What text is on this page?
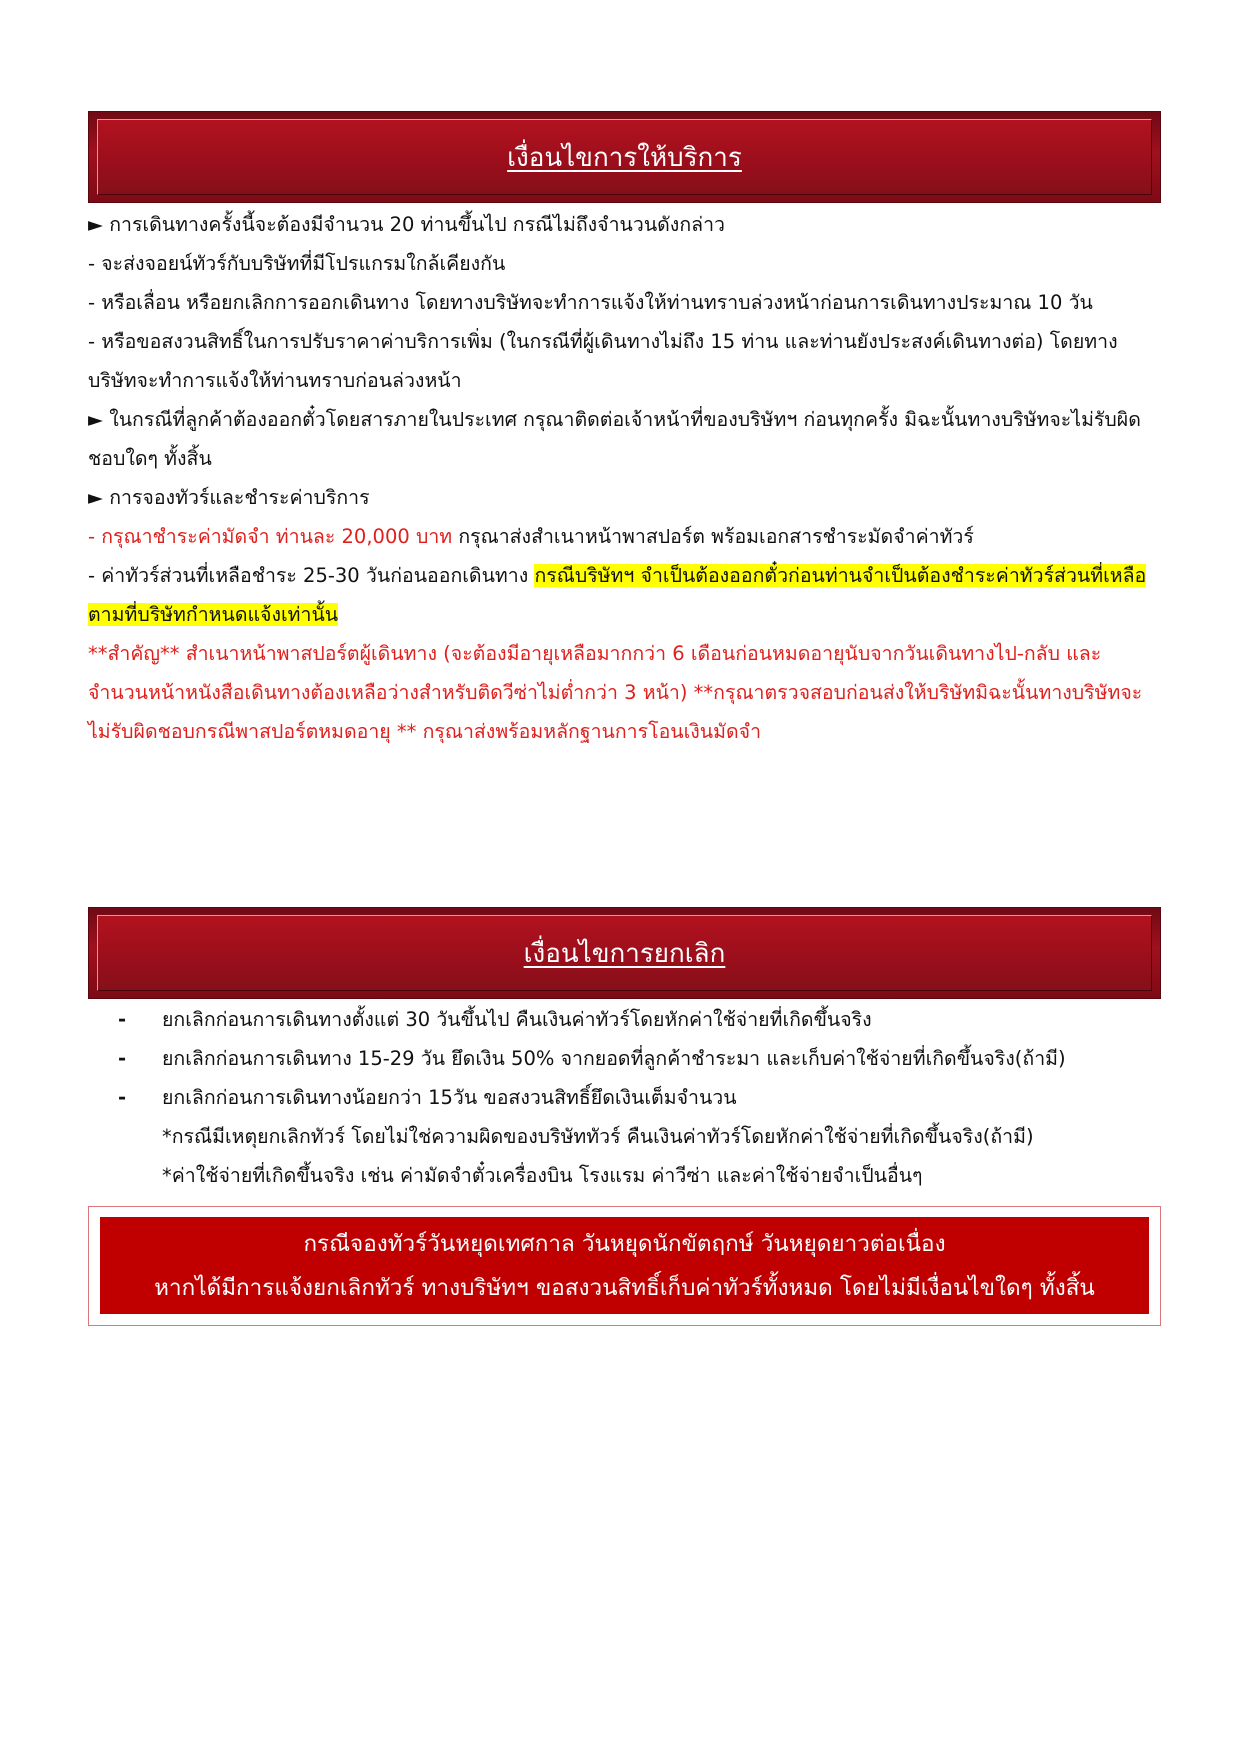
เงื่อนไขการให้บริการ

► การเดินทางครั้งนี้จะต้องมีจำนวน 20 ท่านขึ้นไป กรณีไม่ถึงจำนวนดังกล่าว

- จะส่งจอยน์ทัวร์กับบริษัทที่มีโปรแกรมใกล้เคียงกัน

- หรือเลื่อน หรือยกเลิกการออกเดินทาง โดยทางบริษัทจะทำการแจ้งให้ท่านทราบล่วงหน้าก่อนการเดินทางประมาณ 10 วัน

- หรือขอสงวนสิทธิ์ในการปรับราคาค่าบริการเพิ่ม (ในกรณีที่ผู้เดินทางไม่ถึง 15 ท่าน และท่านยังประสงค์เดินทางต่อ) โดยทางบริษัทจะทำการแจ้งให้ท่านทราบก่อนล่วงหน้า

► ในกรณีที่ลูกค้าต้องออกตั๋วโดยสารภายในประเทศ กรุณาติดต่อเจ้าหน้าที่ของบริษัทฯ ก่อนทุกครั้ง มิฉะนั้นทางบริษัทจะไม่รับผิดชอบใดๆ ทั้งสิ้น

► การจองทัวร์และชำระค่าบริการ

- กรุณาชำระค่ามัดจำ ท่านละ 20,000 บาท กรุณาส่งสำเนาหน้าพาสปอร์ต พร้อมเอกสารชำระมัดจำค่าทัวร์

- ค่าทัวร์ส่วนที่เหลือชำระ 25-30 วันก่อนออกเดินทาง กรณีบริษัทฯ จำเป็นต้องออกตั๋วก่อนท่านจำเป็นต้องชำระค่าทัวร์ส่วนที่เหลือตามที่บริษัทกำหนดแจ้งเท่านั้น

**สำคัญ** สำเนาหน้าพาสปอร์ตผู้เดินทาง (จะต้องมีอายุเหลือมากกว่า 6 เดือนก่อนหมดอายุนับจากวันเดินทางไป-กลับ และจำนวนหน้าหนังสือเดินทางต้องเหลือว่างสำหรับติดวีซ่าไม่ต่ำกว่า 3 หน้า) **กรุณาตรวจสอบก่อนส่งให้บริษัทมิฉะนั้นทางบริษัทจะไม่รับผิดชอบกรณีพาสปอร์ตหมดอายุ ** กรุณาส่งพร้อมหลักฐานการโอนเงินมัดจำ

เงื่อนไขการยกเลิก
- ยกเลิกก่อนการเดินทางตั้งแต่ 30 วันขึ้นไป คืนเงินค่าทัวร์โดยหักค่าใช้จ่ายที่เกิดขึ้นจริง
- ยกเลิกก่อนการเดินทาง 15-29 วัน ยึดเงิน 50% จากยอดที่ลูกค้าชำระมา และเก็บค่าใช้จ่ายที่เกิดขึ้นจริง(ถ้ามี)
- ยกเลิกก่อนการเดินทางน้อยกว่า 15วัน ขอสงวนสิทธิ์ยึดเงินเต็มจำนวน
*กรณีมีเหตุยกเลิกทัวร์ โดยไม่ใช่ความผิดของบริษัททัวร์ คืนเงินค่าทัวร์โดยหักค่าใช้จ่ายที่เกิดขึ้นจริง(ถ้ามี)
*ค่าใช้จ่ายที่เกิดขึ้นจริง เช่น ค่ามัดจำตั๋วเครื่องบิน โรงแรม ค่าวีซ่า และค่าใช้จ่ายจำเป็นอื่นๆ
กรณีจองทัวร์วันหยุดเทศกาล วันหยุดนักขัตฤกษ์ วันหยุดยาวต่อเนื่อง
หากได้มีการแจ้งยกเลิกทัวร์ ทางบริษัทฯ ขอสงวนสิทธิ์เก็บค่าทัวร์ทั้งหมด โดยไม่มีเงื่อนไขใดๆ ทั้งสิ้น
